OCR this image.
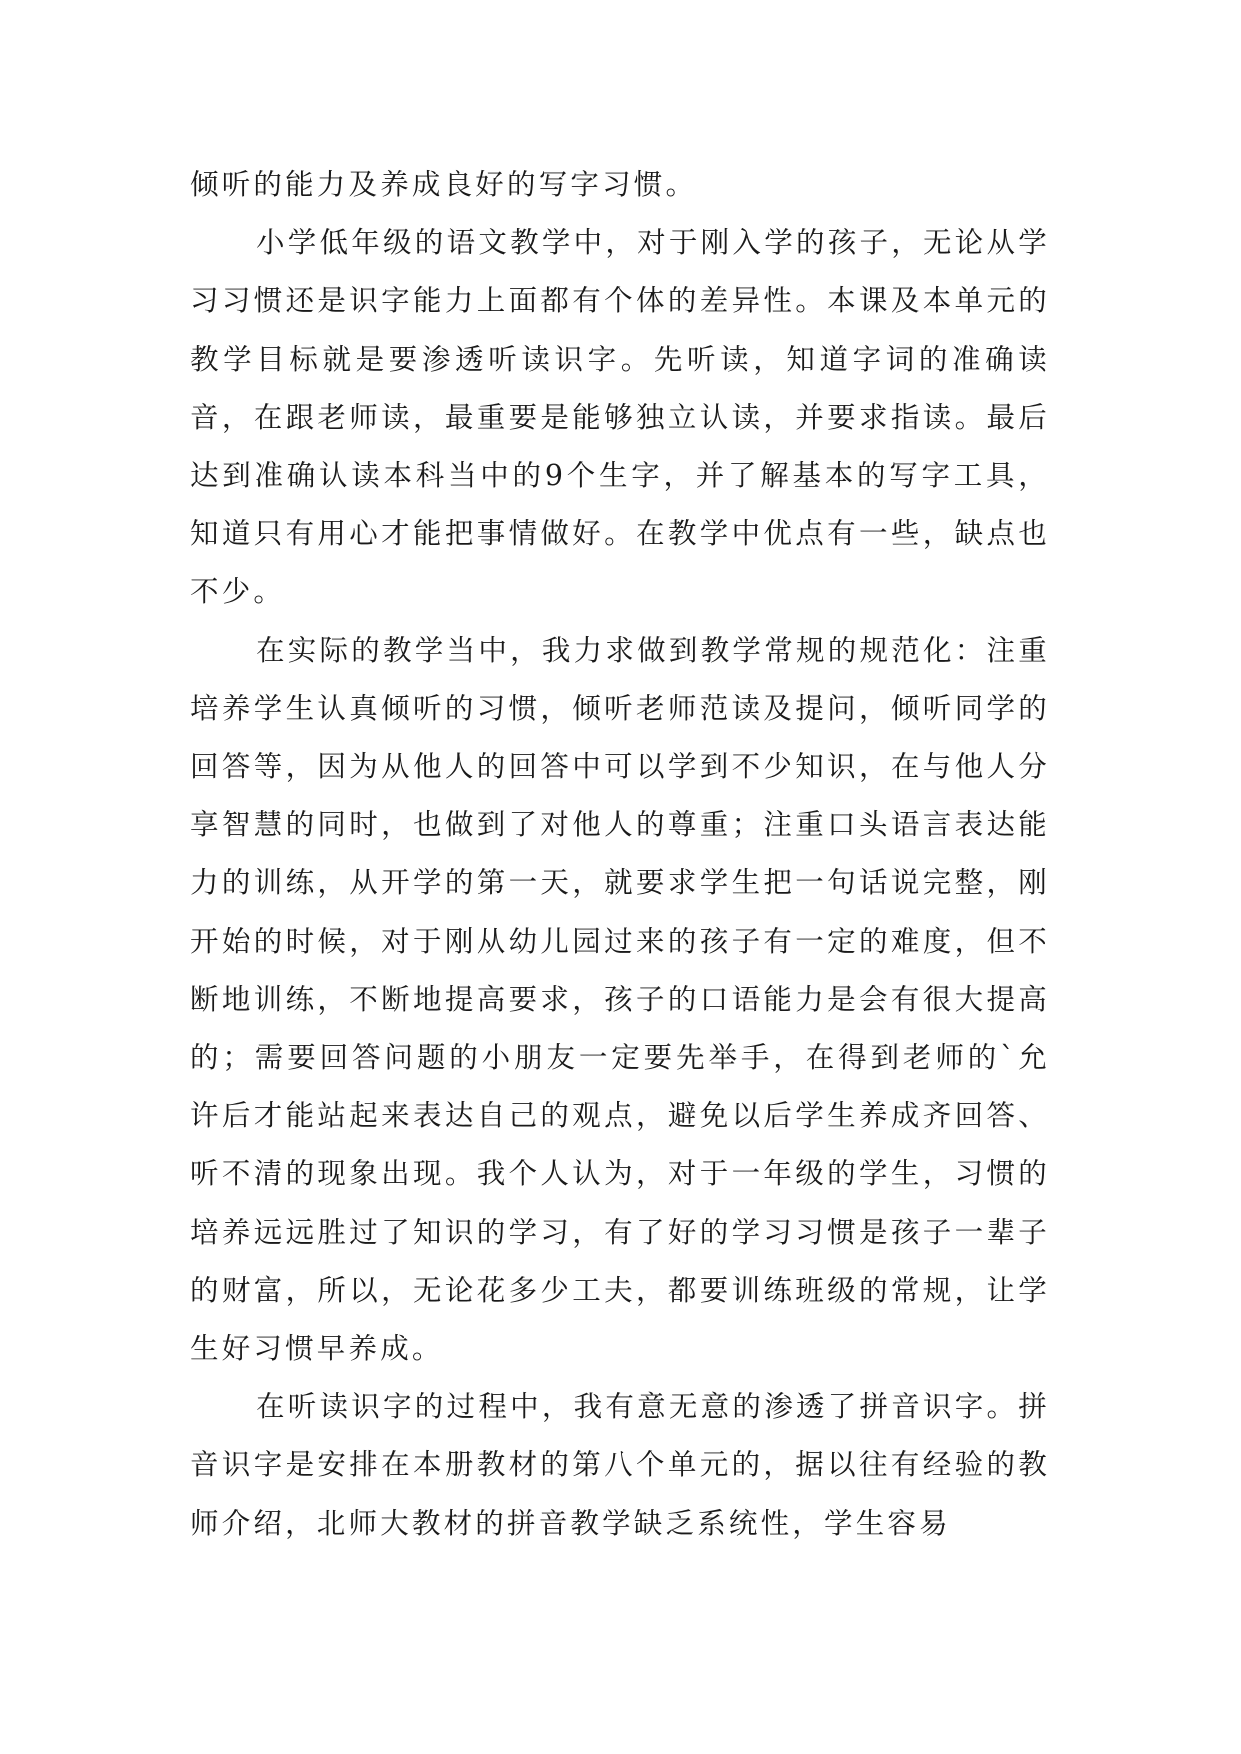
倾听的能力及养成良好的写字习惯。

小学低年级的语文教学中，对于刚入学的孩子，无论从学习习惯还是识字能力上面都有个体的差异性。本课及本单元的教学目标就是要渗透听读识字。先听读，知道字词的准确读音，在跟老师读，最重要是能够独立认读，并要求指读。最后达到准确认读本科当中的9个生字，并了解基本的写字工具，知道只有用心才能把事情做好。在教学中优点有一些，缺点也不少。

在实际的教学当中，我力求做到教学常规的规范化：注重培养学生认真倾听的习惯，倾听老师范读及提问，倾听同学的回答等，因为从他人的回答中可以学到不少知识，在与他人分享智慧的同时，也做到了对他人的尊重；注重口头语言表达能力的训练，从开学的第一天，就要求学生把一句话说完整，刚开始的时候，对于刚从幼儿园过来的孩子有一定的难度，但不断地训练，不断地提高要求，孩子的口语能力是会有很大提高的；需要回答问题的小朋友一定要先举手，在得到老师的`允许后才能站起来表达自己的观点，避免以后学生养成齐回答、听不清的现象出现。我个人认为，对于一年级的学生，习惯的培养远远胜过了知识的学习，有了好的学习习惯是孩子一辈子的财富，所以，无论花多少工夫，都要训练班级的常规，让学生好习惯早养成。

在听读识字的过程中，我有意无意的渗透了拼音识字。拼音识字是安排在本册教材的第八个单元的，据以往有经验的教师介绍，北师大教材的拼音教学缺乏系统性，学生容易
